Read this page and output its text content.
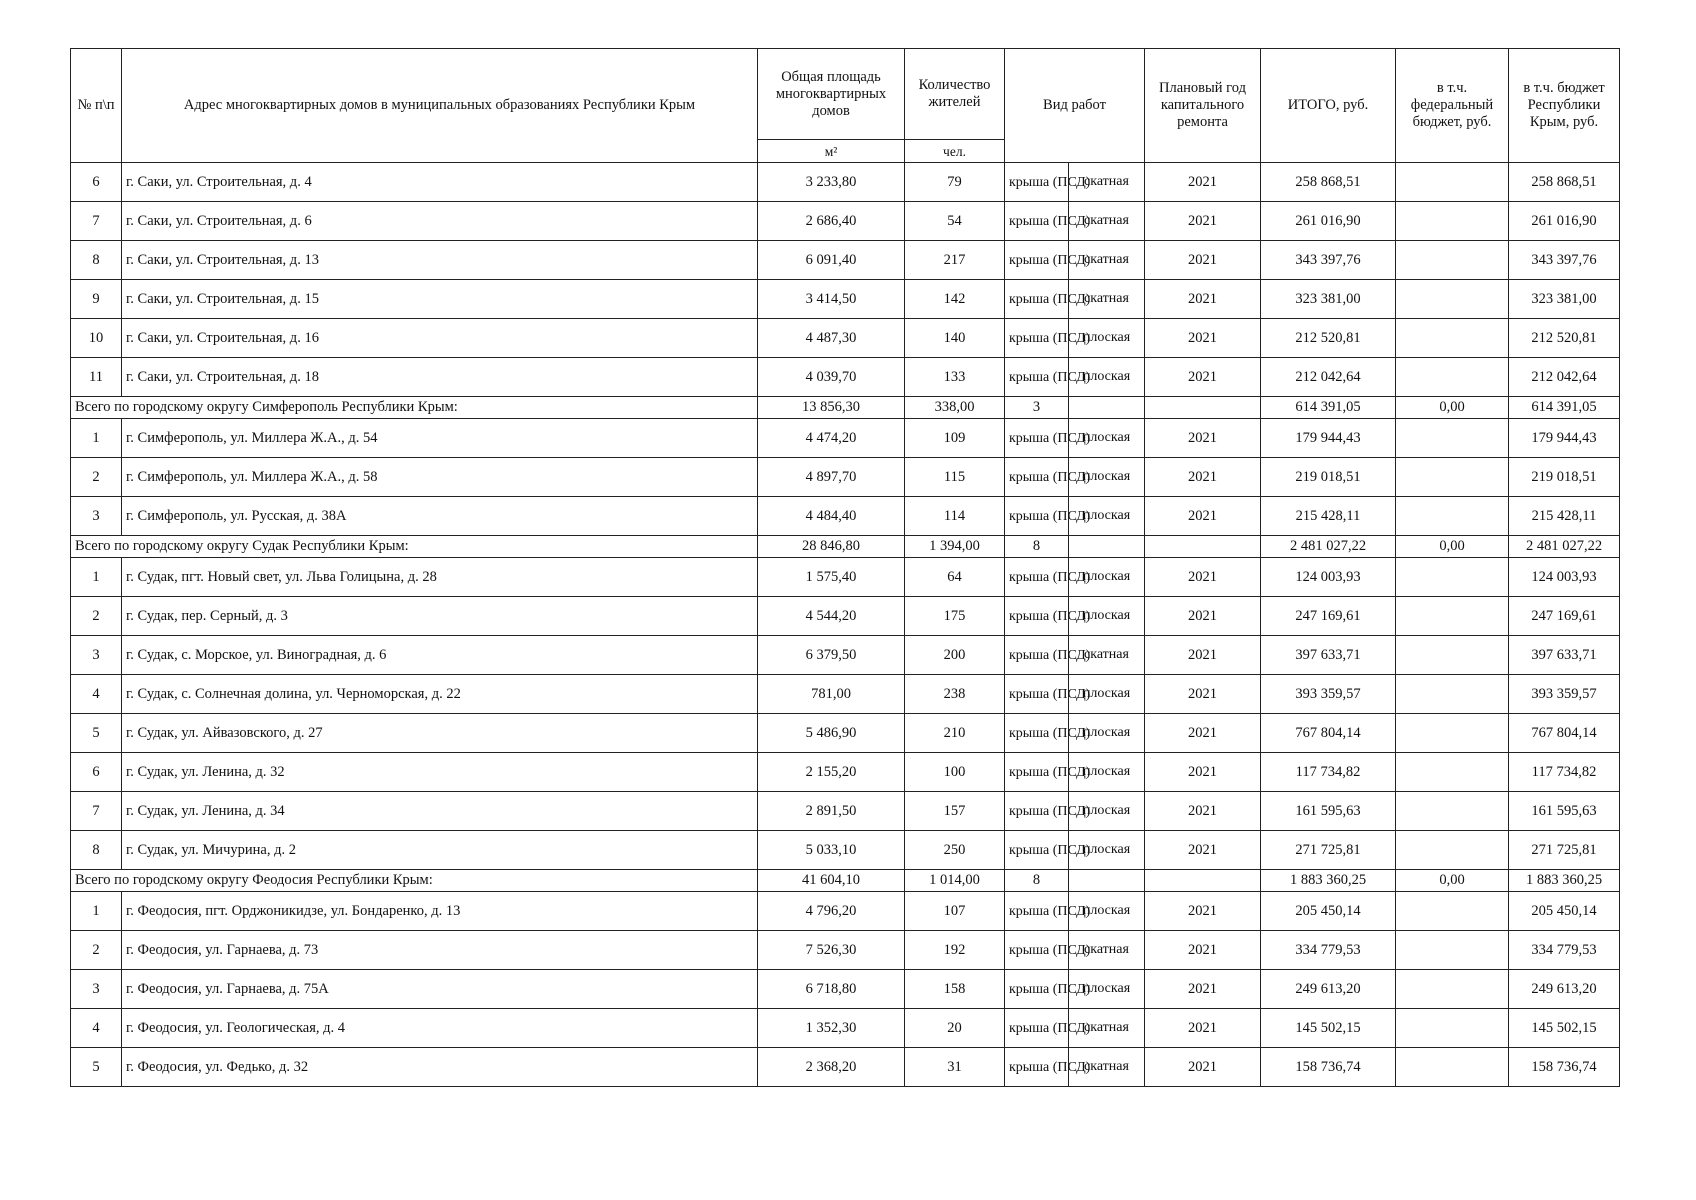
№ п\п	Адрес многоквартирных домов в муниципальных образованиях Республики Крым	Общая площадь многоквартирных домов	Количество жителей	Вид работ		Плановый год капитального ремонта	ИТОГО, руб.	в т.ч. федеральный бюджет, руб.	в т.ч. бюджет Республики Крым, руб.
		м²	чел.						
6	г. Саки, ул. Строительная, д. 4	3 233,80	79	крыша (ПСД)	скатная	2021	258 868,51		258 868,51
7	г. Саки, ул. Строительная, д. 6	2 686,40	54	крыша (ПСД)	скатная	2021	261 016,90		261 016,90
8	г. Саки, ул. Строительная, д. 13	6 091,40	217	крыша (ПСД)	скатная	2021	343 397,76		343 397,76
9	г. Саки, ул. Строительная, д. 15	3 414,50	142	крыша (ПСД)	скатная	2021	323 381,00		323 381,00
10	г. Саки, ул. Строительная, д. 16	4 487,30	140	крыша (ПСД)	плоская	2021	212 520,81		212 520,81
11	г. Саки, ул. Строительная, д. 18	4 039,70	133	крыша (ПСД)	плоская	2021	212 042,64		212 042,64
Всего по городскому округу Симферополь Республики Крым:		13 856,30	338,00	3			614 391,05	0,00	614 391,05
1	г. Симферополь, ул. Миллера Ж.А., д. 54	4 474,20	109	крыша (ПСД)	плоская	2021	179 944,43		179 944,43
2	г. Симферополь, ул. Миллера Ж.А., д. 58	4 897,70	115	крыша (ПСД)	плоская	2021	219 018,51		219 018,51
3	г. Симферополь, ул. Русская, д. 38А	4 484,40	114	крыша (ПСД)	плоская	2021	215 428,11		215 428,11
Всего по городскому округу Судак Республики Крым:		28 846,80	1 394,00	8			2 481 027,22	0,00	2 481 027,22
1	г. Судак, пгт. Новый свет, ул. Льва Голицына, д. 28	1 575,40	64	крыша (ПСД)	плоская	2021	124 003,93		124 003,93
2	г. Судак, пер. Серный, д. 3	4 544,20	175	крыша (ПСД)	плоская	2021	247 169,61		247 169,61
3	г. Судак, с. Морское, ул. Виноградная, д. 6	6 379,50	200	крыша (ПСД)	скатная	2021	397 633,71		397 633,71
4	г. Судак, с. Солнечная долина, ул. Черноморская, д. 22	781,00	238	крыша (ПСД)	плоская	2021	393 359,57		393 359,57
5	г. Судак, ул. Айвазовского, д. 27	5 486,90	210	крыша (ПСД)	плоская	2021	767 804,14		767 804,14
6	г. Судак, ул. Ленина, д. 32	2 155,20	100	крыша (ПСД)	плоская	2021	117 734,82		117 734,82
7	г. Судак, ул. Ленина, д. 34	2 891,50	157	крыша (ПСД)	плоская	2021	161 595,63		161 595,63
8	г. Судак, ул. Мичурина, д. 2	5 033,10	250	крыша (ПСД)	плоская	2021	271 725,81		271 725,81
Всего по городскому округу Феодосия Республики Крым:		41 604,10	1 014,00	8			1 883 360,25	0,00	1 883 360,25
1	г. Феодосия, пгт. Орджоникидзе, ул. Бондаренко, д. 13	4 796,20	107	крыша (ПСД)	плоская	2021	205 450,14		205 450,14
2	г. Феодосия, ул. Гарнаева, д. 73	7 526,30	192	крыша (ПСД)	скатная	2021	334 779,53		334 779,53
3	г. Феодосия, ул. Гарнаева, д. 75А	6 718,80	158	крыша (ПСД)	плоская	2021	249 613,20		249 613,20
4	г. Феодосия, ул. Геологическая, д. 4	1 352,30	20	крыша (ПСД)	скатная	2021	145 502,15		145 502,15
5	г. Феодосия, ул. Федько, д. 32	2 368,20	31	крыша (ПСД)	скатная	2021	158 736,74		158 736,74
